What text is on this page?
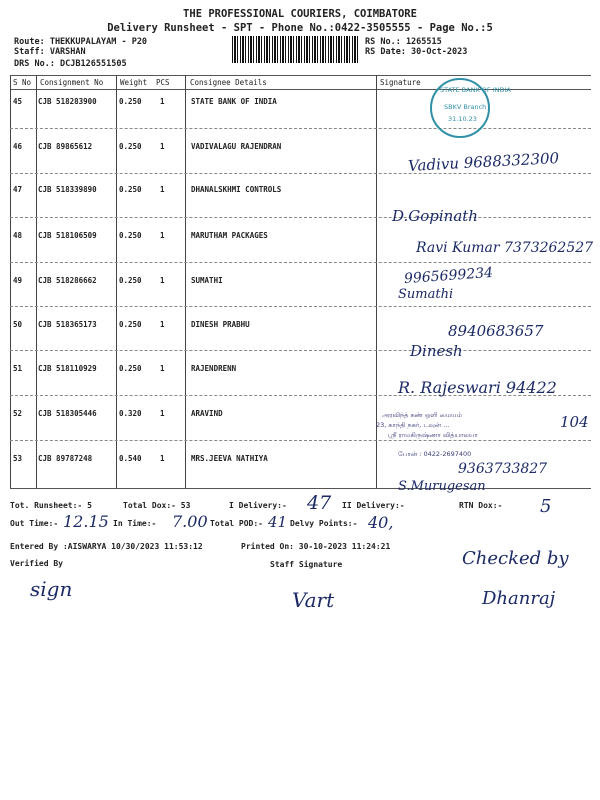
THE PROFESSIONAL COURIERS, COIMBATORE
Delivery Runsheet - SPT - Phone No.:0422-3505555 - Page No.:5
Route: THEKKUPALAYAM - P20
Staff: VARSHAN
DRS No.: DCJB126551505
RS No.: 1265515
RS Date: 30-Oct-2023
S No Consignment No Weight PCS	Consignee Details	Signature
45 CJB 518283900	0.250 1	STATE BANK OF INDIA
46 CJB 89865612	0.250 1	VADIVALAGU RAJENDRAN
47 CJB 518339890	0.250 1	DHANALSKHMI CONTROLS
48 CJB 518106509	0.250 1	MARUTHAM PACKAGES
49 CJB 518286662	0.250 1	SUMATHI
50 CJB 518365173	0.250 1	DINESH PRABHU
51 CJB 518110929	0.250 1	RAJENDRENN
52 CJB 518305446	0.320 1	ARAVIND
53 CJB 89787248	0.540 1	MRS.JEEVA NATHIYA
STATE BANK OF INDIA
SBKV Branch
31.10.23
அரவிந்த் கண் ஒளி மையம்
23, காந்தி நகர், டவுன் ...
ஸ்ரீ ராமகிருஷ்ணா வித்யாலயா
போன் : 0422-2697400
Vadivu 9688332300
D.Gopinath
Ravi Kumar 7373262527
9965699234
Sumathi
8940683657
Dinesh
R. Rajeswari 94422
104
9363733827
S.Murugesan
Tot. Runsheet:- 5	Total Dox:- 53	I Delivery:- 47 II Delivery:-	RTN Dox:- 5
Out Time:- 12.15 In Time:- 7.00 Total POD:- 41 Delvy Points:- 40,
Entered By :AISWARYA 10/30/2023 11:53:12	Printed On: 30-10-2023 11:24:21
Verified By	Staff Signature	Checked by
sign	Vart	Dhanraj
